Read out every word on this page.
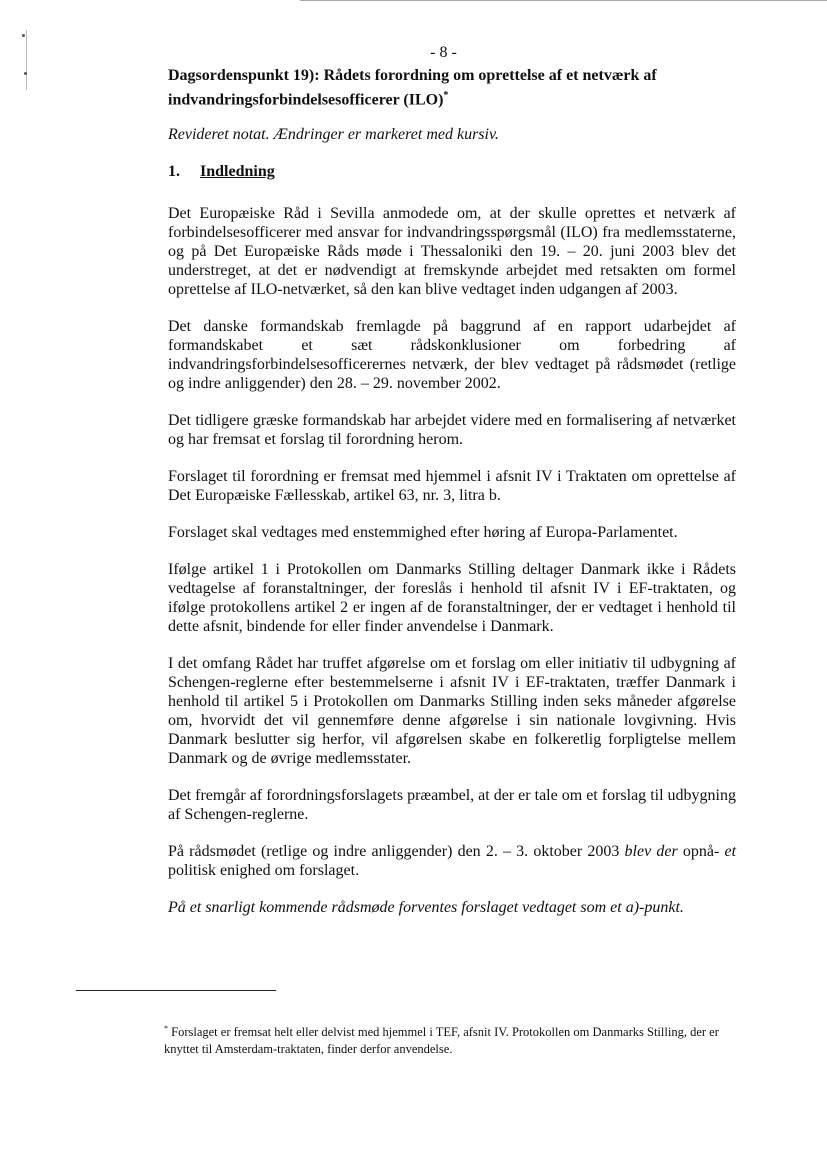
- 8 -
Dagsordenspunkt 19): Rådets forordning om oprettelse af et netværk af indvandringsforbindelsesofficerer (ILO)*
Revideret notat. Ændringer er markeret med kursiv.
1. Indledning

Det Europæiske Råd i Sevilla anmodede om, at der skulle oprettes et netværk af forbindelsesofficerer med ansvar for indvandringsspørgsmål (ILO) fra medlemsstaterne, og på Det Europæiske Råds møde i Thessaloniki den 19. – 20. juni 2003 blev det understreget, at det er nødvendigt at fremskynde arbejdet med retsakten om formel oprettelse af ILO-netværket, så den kan blive vedtaget inden udgangen af 2003.

Det danske formandskab fremlagde på baggrund af en rapport udarbejdet af formandskabet et sæt rådskonklusioner om forbedring af indvandringsforbindelsesofficerernes netværk, der blev vedtaget på rådsmødet (retlige og indre anliggender) den 28. – 29. november 2002.

Det tidligere græske formandskab har arbejdet videre med en formalisering af netværket og har fremsat et forslag til forordning herom.

Forslaget til forordning er fremsat med hjemmel i afsnit IV i Traktaten om oprettelse af Det Europæiske Fællesskab, artikel 63, nr. 3, litra b.

Forslaget skal vedtages med enstemmighed efter høring af Europa-Parlamentet.

Ifølge artikel 1 i Protokollen om Danmarks Stilling deltager Danmark ikke i Rådets vedtagelse af foranstaltninger, der foreslås i henhold til afsnit IV i EF-traktaten, og ifølge protokollens artikel 2 er ingen af de foranstaltninger, der er vedtaget i henhold til dette afsnit, bindende for eller finder anvendelse i Danmark.

I det omfang Rådet har truffet afgørelse om et forslag om eller initiativ til udbygning af Schengen-reglerne efter bestemmelserne i afsnit IV i EF-traktaten, træffer Danmark i henhold til artikel 5 i Protokollen om Danmarks Stilling inden seks måneder afgørelse om, hvorvidt det vil gennemføre denne afgørelse i sin nationale lovgivning. Hvis Danmark beslutter sig herfor, vil afgørelsen skabe en folkeretlig forpligtelse mellem Danmark og de øvrige medlemsstater.

Det fremgår af forordningsforslagets præambel, at der er tale om et forslag til udbygning af Schengen-reglerne.

På rådsmødet (retlige og indre anliggender) den 2. – 3. oktober 2003 blev der opnå- et politisk enighed om forslaget.

På et snarligt kommende rådsmøde forventes forslaget vedtaget som et a)-punkt.

* Forslaget er fremsat helt eller delvist med hjemmel i TEF, afsnit IV. Protokollen om Danmarks Stilling, der er knyttet til Amsterdam-traktaten, finder derfor anvendelse.
